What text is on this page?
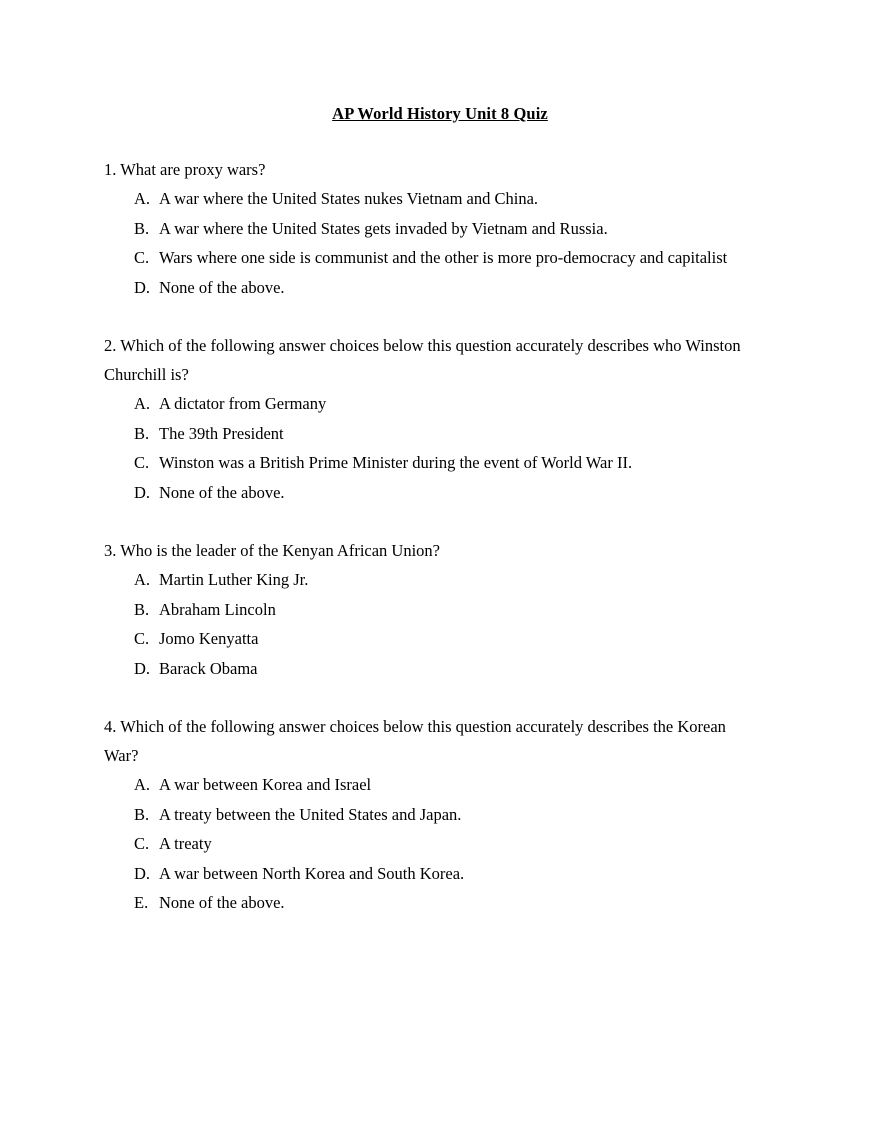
AP World History Unit 8 Quiz

1. What are proxy wars?

A. A war where the United States nukes Vietnam and China.
B. A war where the United States gets invaded by Vietnam and Russia.
C. Wars where one side is communist and the other is more pro-democracy and capitalist
D. None of the above.

2. Which of the following answer choices below this question accurately describes who Winston Churchill is?

A. A dictator from Germany
B. The 39th President
C. Winston was a British Prime Minister during the event of World War II.
D. None of the above.

3. Who is the leader of the Kenyan African Union?

A. Martin Luther King Jr.
B. Abraham Lincoln
C. Jomo Kenyatta
D. Barack Obama

4. Which of the following answer choices below this question accurately describes the Korean War?

A. A war between Korea and Israel
B. A treaty between the United States and Japan.
C. A treaty
D. A war between North Korea and South Korea.
E. None of the above.
